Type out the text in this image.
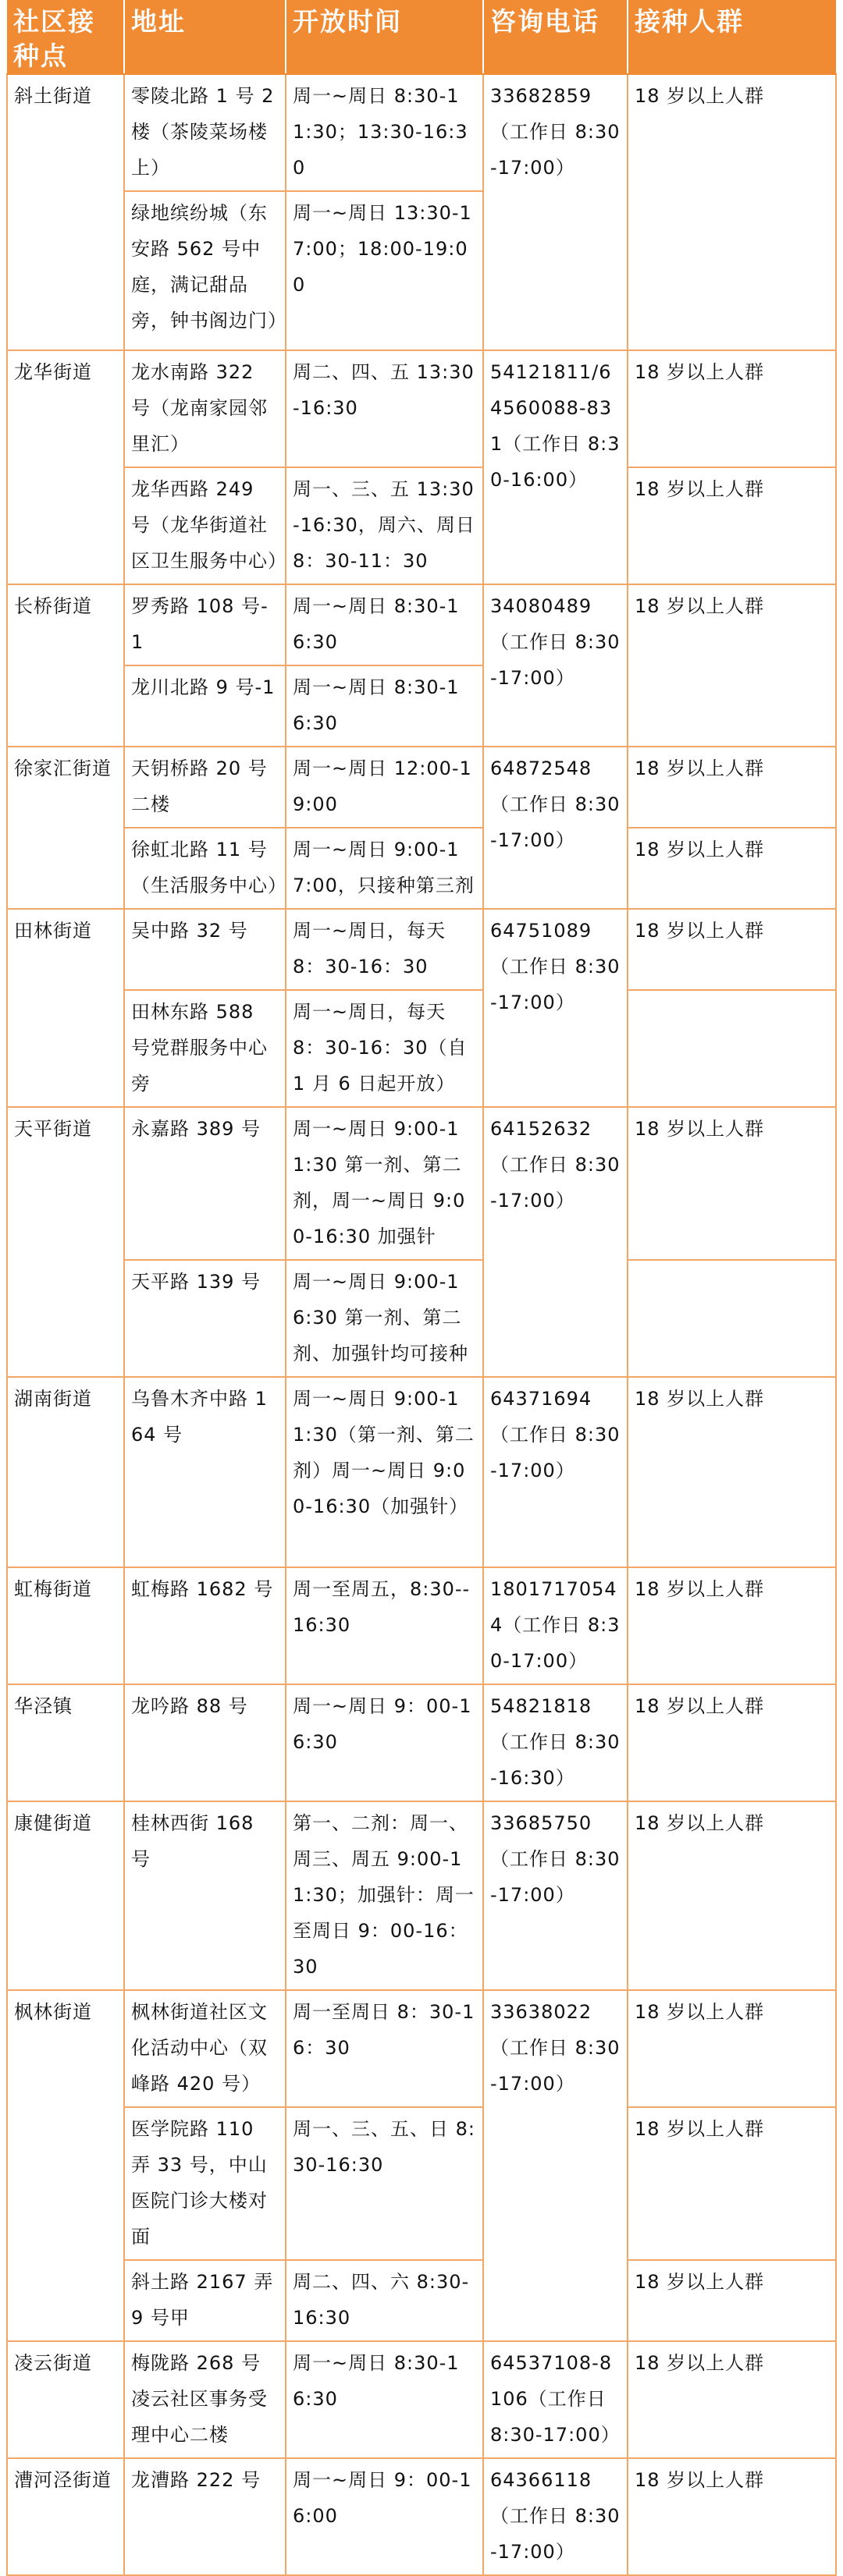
社区接种点	地址	开放时间	咨询电话	接种人群
斜土街道	零陵北路 1 号 2 楼（茶陵菜场楼上）	周一~周日 8:30-11:30；13:30-16:30	33682859（工作日 8:30-17:00）	18 岁以上人群
	绿地缤纷城（东安路 562 号中庭，满记甜品旁，钟书阁边门）	周一~周日 13:30-17:00；18:00-19:00		
龙华街道	龙水南路 322 号（龙南家园邻里汇）	周二、四、五 13:30-16:30	54121811/64560088-831（工作日 8:30-16:00）	18 岁以上人群
	龙华西路 249 号（龙华街道社区卫生服务中心）	周一、三、五 13:30-16:30，周六、周日 8：30-11：30		18 岁以上人群
长桥街道	罗秀路 108 号-1	周一~周日 8:30-16:30	34080489（工作日 8:30-17:00）	18 岁以上人群
	龙川北路 9 号-1	周一~周日 8:30-16:30		
徐家汇街道	天钥桥路 20 号二楼	周一~周日 12:00-19:00	64872548（工作日 8:30-17:00）	18 岁以上人群
	徐虹北路 11 号（生活服务中心）	周一~周日 9:00-17:00，只接种第三剂		18 岁以上人群
田林街道	吴中路 32 号	周一~周日，每天 8：30-16：30	64751089（工作日 8:30-17:00）	18 岁以上人群
	田林东路 588 号党群服务中心旁	周一~周日，每天 8：30-16：30（自 1 月 6 日起开放）		
天平街道	永嘉路 389 号	周一~周日 9:00-11:30 第一剂、第二剂，周一~周日 9:00-16:30 加强针	64152632（工作日 8:30-17:00）	18 岁以上人群
	天平路 139 号	周一~周日 9:00-16:30 第一剂、第二剂、加强针均可接种		
湖南街道	乌鲁木齐中路 164 号	周一~周日 9:00-11:30（第一剂、第二剂）周一~周日 9:00-16:30（加强针）	64371694（工作日 8:30-17:00）	18 岁以上人群
虹梅街道	虹梅路 1682 号	周一至周五，8:30--16:30	18017170544（工作日 8:30-17:00）	18 岁以上人群
华泾镇	龙吟路 88 号	周一~周日 9：00-16:30	54821818（工作日 8:30-16:30）	18 岁以上人群
康健街道	桂林西街 168 号	第一、二剂：周一、周三、周五 9:00-11:30；加强针：周一至周日 9：00-16：30	33685750（工作日 8:30-17:00）	18 岁以上人群
枫林街道	枫林街道社区文化活动中心（双峰路 420 号）	周一至周日 8：30-16：30	33638022（工作日 8:30-17:00）	18 岁以上人群
	医学院路 110 弄 33 号，中山医院门诊大楼对面	周一、三、五、日 8:30-16:30		18 岁以上人群
	斜土路 2167 弄 9 号甲	周二、四、六 8:30-16:30		18 岁以上人群
凌云街道	梅陇路 268 号凌云社区事务受理中心二楼	周一~周日 8:30-16:30	64537108-8106（工作日 8:30-17:00）	18 岁以上人群
漕河泾街道	龙漕路 222 号	周一~周日 9：00-16:00	64366118（工作日 8:30-17:00）	18 岁以上人群
